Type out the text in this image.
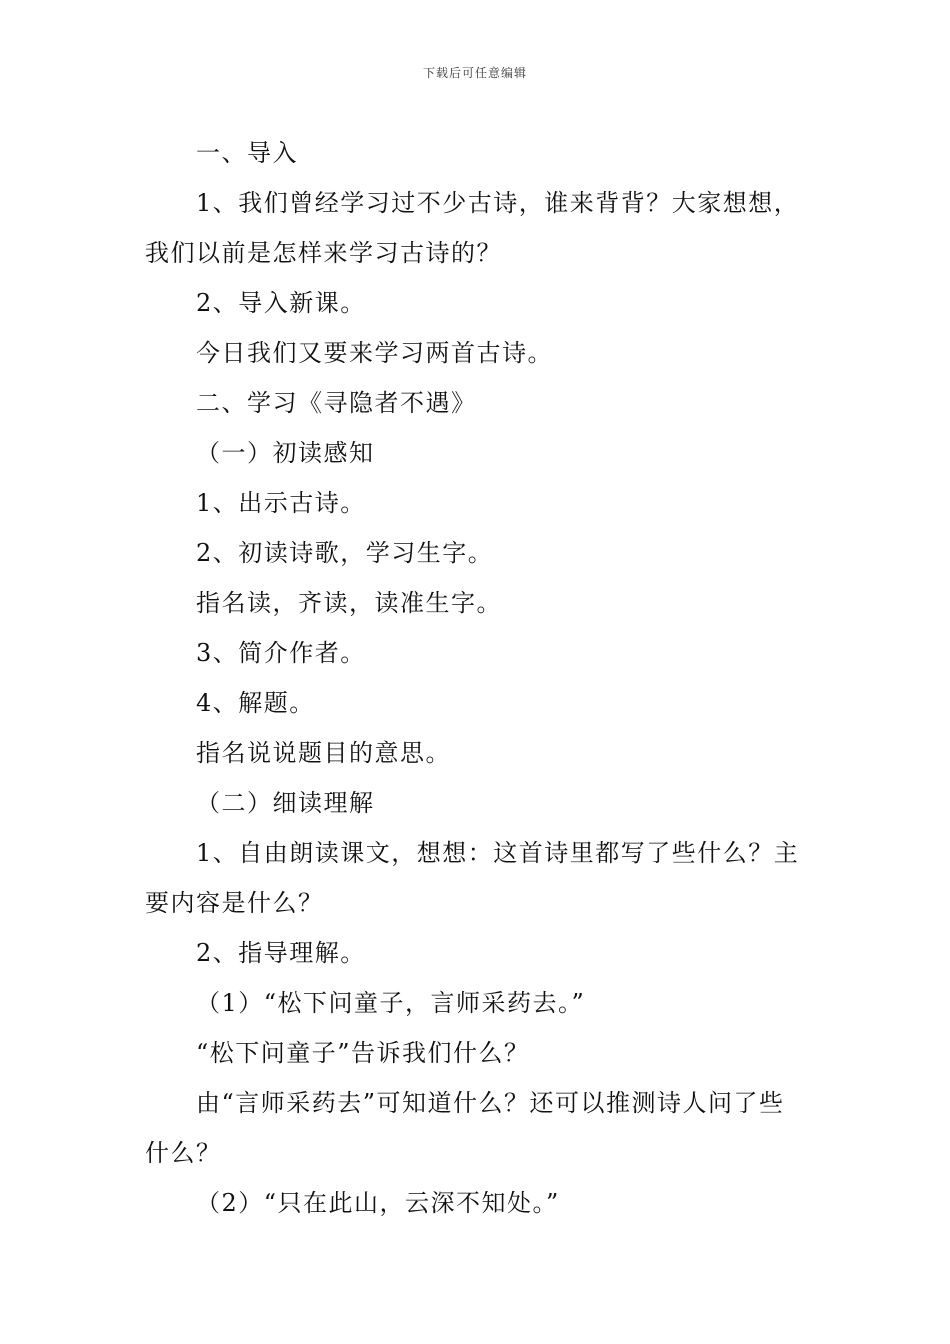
下载后可任意编辑

一、导入

1、我们曾经学习过不少古诗，谁来背背？大家想想，我们以前是怎样来学习古诗的？

2、导入新课。

今日我们又要来学习两首古诗。

二、学习《寻隐者不遇》

（一）初读感知

1、出示古诗。

2、初读诗歌，学习生字。

指名读，齐读，读准生字。

3、简介作者。

4、解题。

指名说说题目的意思。

（二）细读理解

1、自由朗读课文，想想：这首诗里都写了些什么？主要内容是什么？

2、指导理解。

（1）“松下问童子，言师采药去。”

“松下问童子”告诉我们什么？

由“言师采药去”可知道什么？还可以推测诗人问了些什么？

（2）“只在此山，云深不知处。”
